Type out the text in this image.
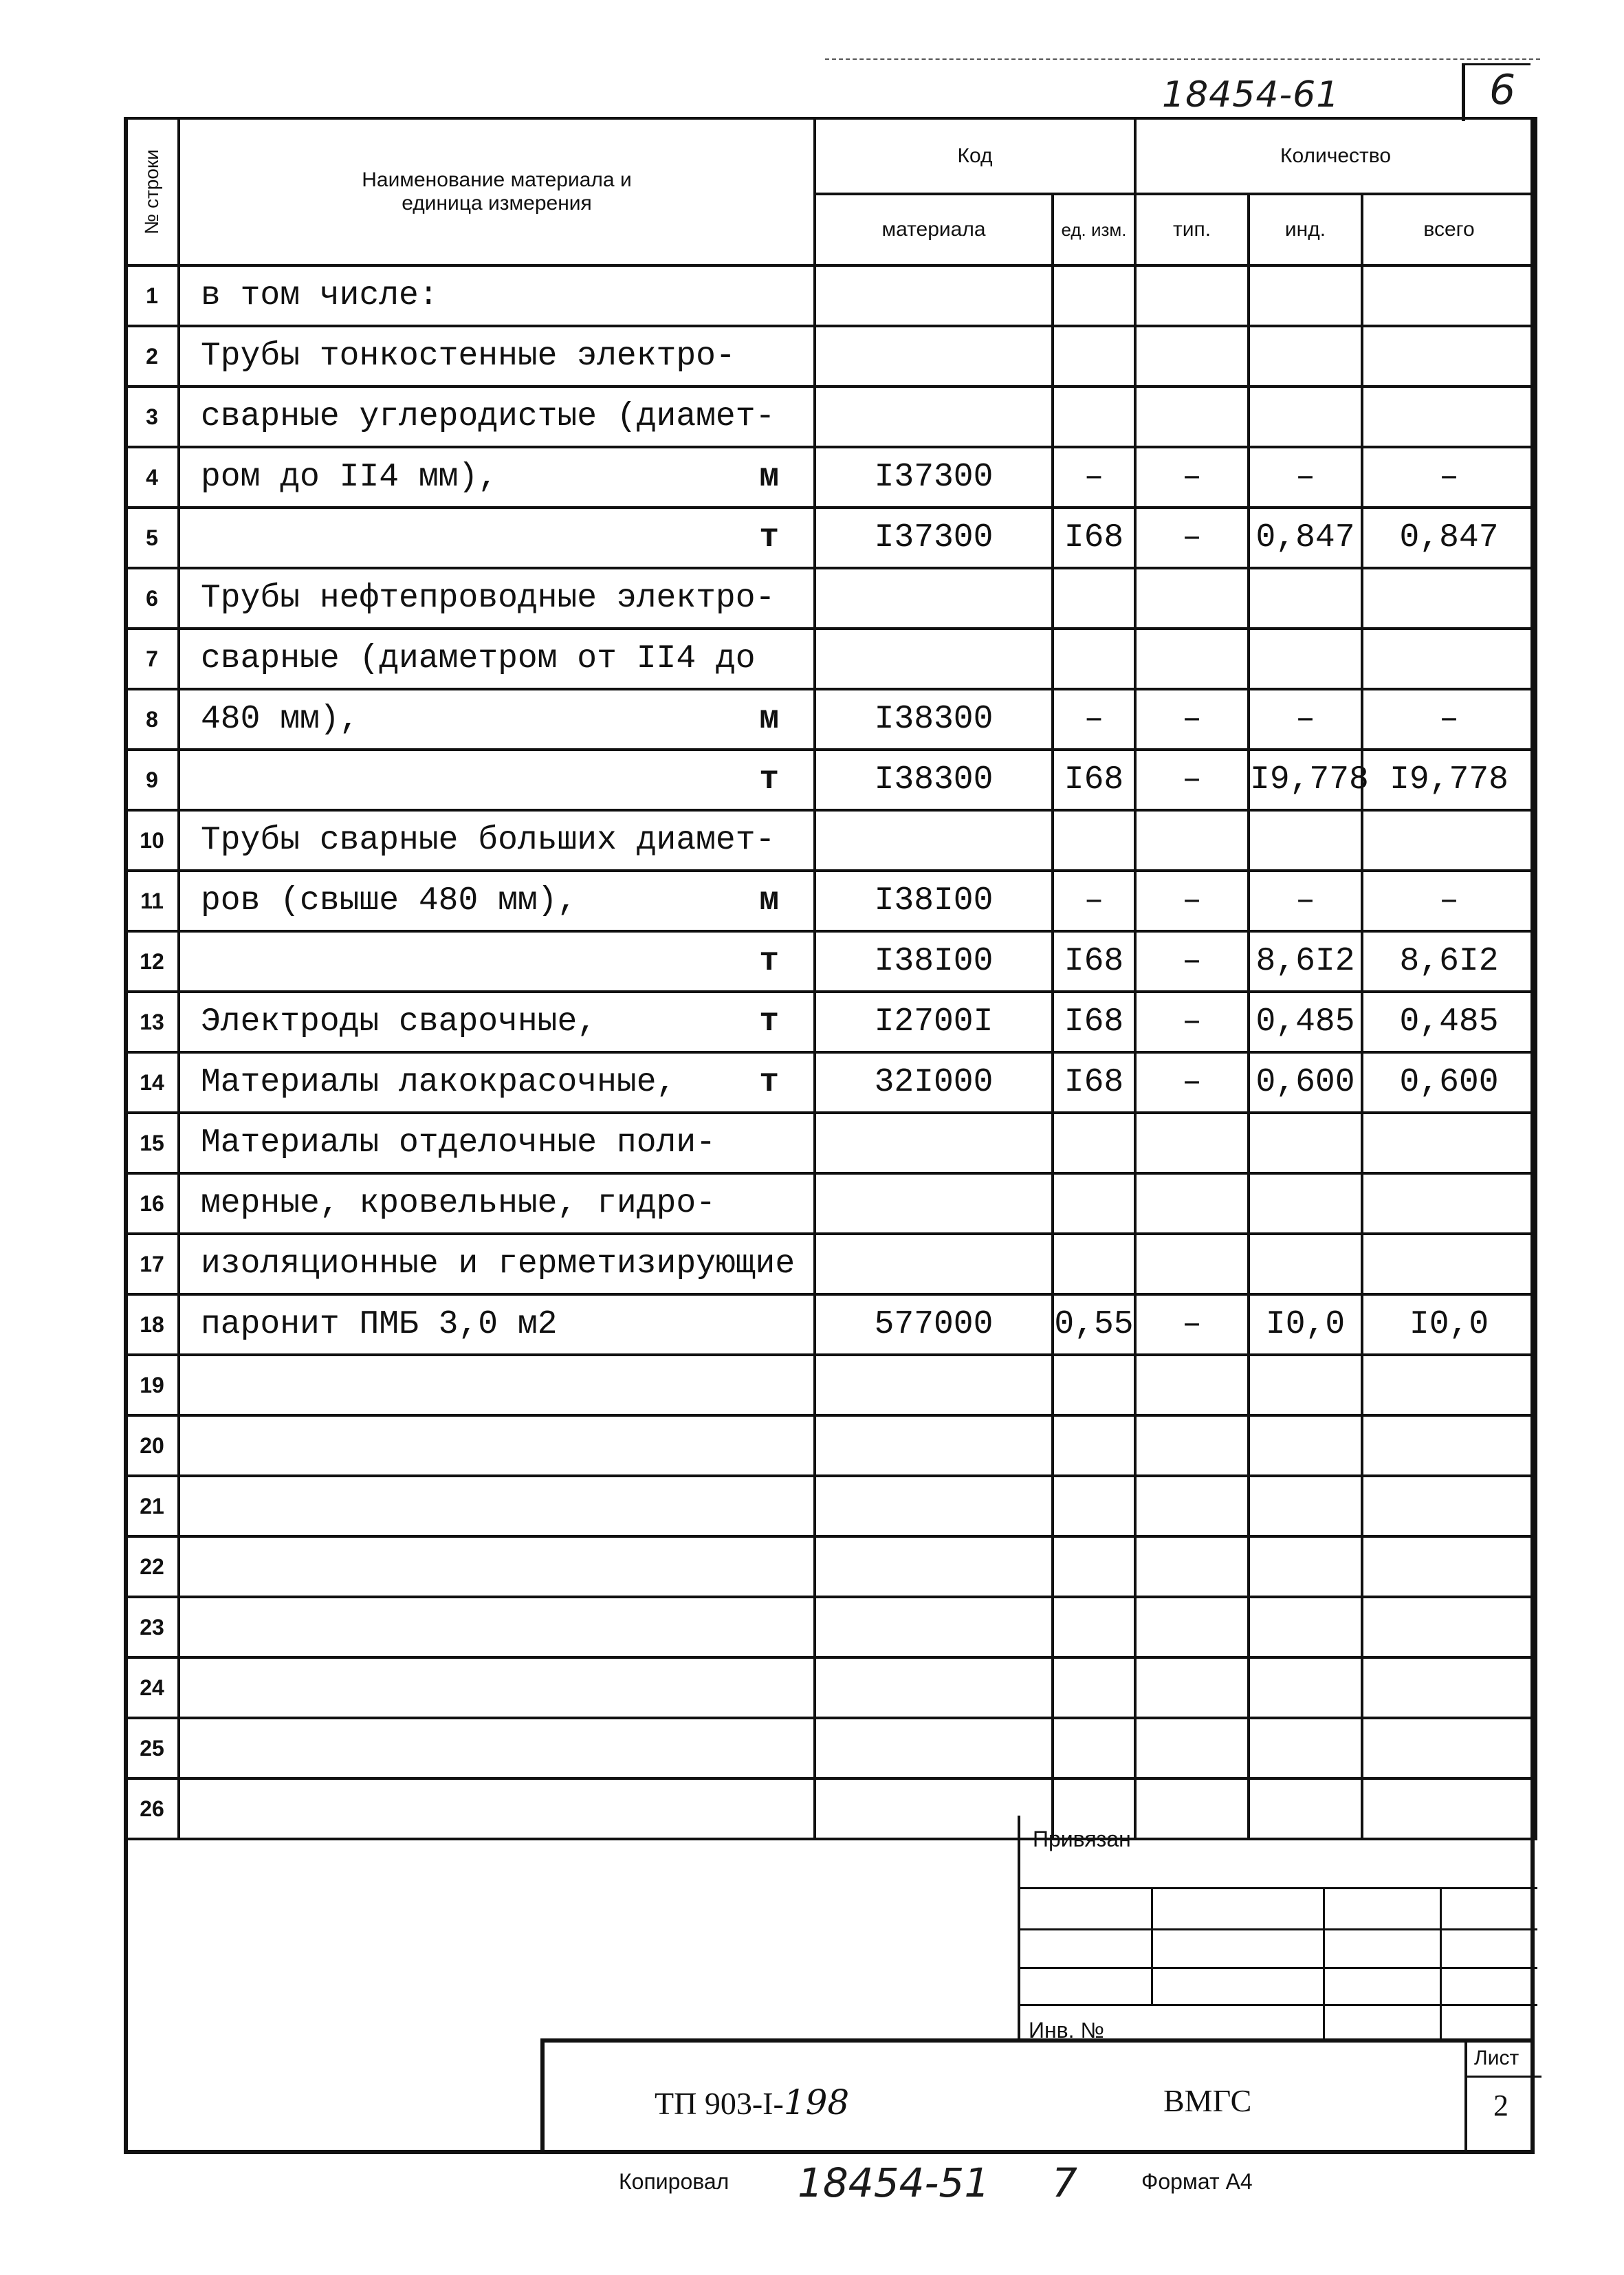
18454-61	6
№ строки	Наименование материала и единица измерения	Код		Количество		
		материала	ед. изм.	тип.	инд.	всего
1	в том числе:

2	Трубы тонкостенные электро-

3	сварные углеродистые (диамет-

4	ром до II4 мм), м	I37300	–	–	–	–
5	т	I37300	I68	–	0,847	0,847
6	Трубы нефтепроводные электро-

7	сварные (диаметром от II4 до

8	480 мм), м	I38300	–	–	–	–
9	т	I38300	I68	–	I9,778	I9,778
10	Трубы сварные больших диамет-

11	ров (свыше 480 мм), м	I38I00	–	–	–	–
12	т	I38I00	I68	–	8,6I2	8,6I2
13	Электроды сварочные, т	I2700I	I68	–	0,485	0,485
14	Материалы лакокрасочные, т	32I000	I68	–	0,600	0,600
15	Материалы отделочные поли-

16	мерные, кровельные, гидро-

17	изоляционные и герметизирующие

18	паронит ПМБ 3,0 м2	577000	0,55	–	I0,0	I0,0
19	

20	

21	

22	

23	

24	

25	

26	

Привязан
Инв. №
ТП 903-I-198	ВМГС
Лист
2
Копировал 18454-51 7	Формат А4
